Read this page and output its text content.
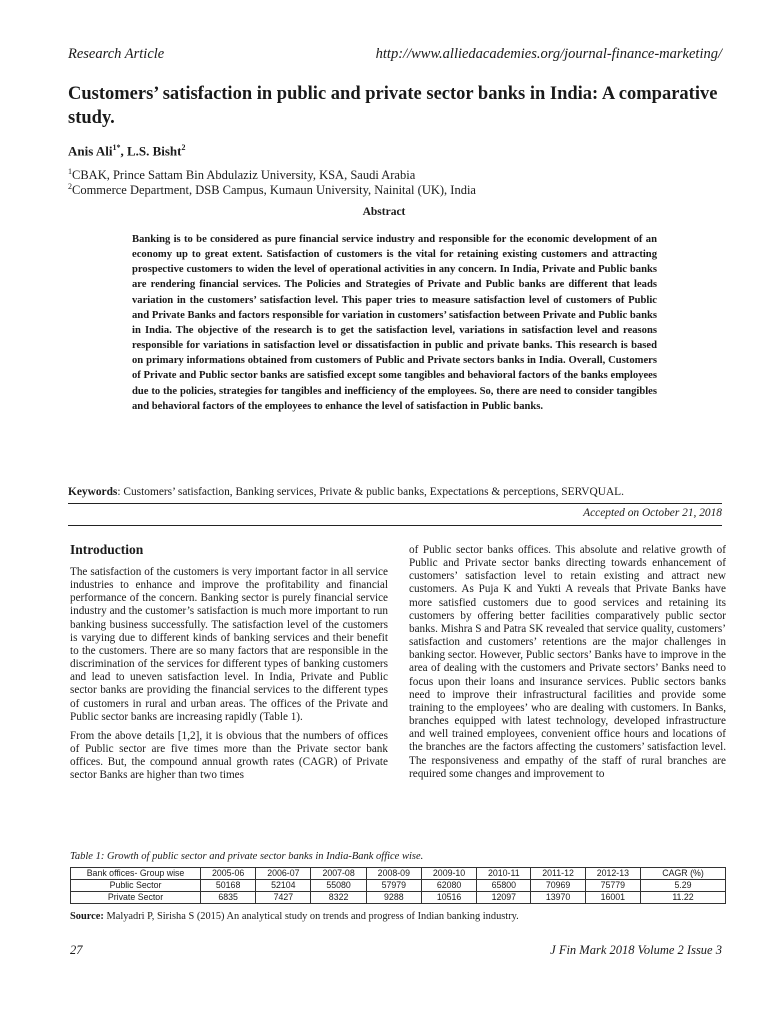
Research Article	http://www.alliedacademies.org/journal-finance-marketing/
Customers’ satisfaction in public and private sector banks in India: A comparative study.
Anis Ali$^{1*}$, L.S. Bisht$^2$
$^1$CBAK, Prince Sattam Bin Abdulaziz University, KSA, Saudi Arabia
$^2$Commerce Department, DSB Campus, Kumaun University, Nainital (UK), India
Abstract

Banking is to be considered as pure financial service industry and responsible for the economic development of an economy up to great extent. Satisfaction of customers is the vital for retaining existing customers and attracting prospective customers to widen the level of operational activities in any concern. In India, Private and Public banks are rendering financial services. The Policies and Strategies of Private and Public banks are different that leads variation in the customers’ satisfaction level. This paper tries to measure satisfaction level of customers of Public and Private Banks and factors responsible for variation in customers’ satisfaction between Private and Public banks in India. The objective of the research is to get the satisfaction level, variations in satisfaction level and reasons responsible for variations in satisfaction level or dissatisfaction in public and private banks. This research is based on primary informations obtained from customers of Public and Private sectors banks in India. Overall, Customers of Private and Public sector banks are satisfied except some tangibles and behavioral factors of the banks employees due to the policies, strategies for tangibles and inefficiency of the employees. So, there are need to consider tangibles and behavioral factors of the employees to enhance the level of satisfaction in Public banks.

Keywords: Customers’ satisfaction, Banking services, Private & public banks, Expectations & perceptions, SERVQUAL.
Accepted on October 21, 2018
Introduction

The satisfaction of the customers is very important factor in all service industries to enhance and improve the profitability and financial performance of the concern. Banking sector is purely financial service industry and the customer’s satisfaction is much more important to run banking business successfully. The satisfaction level of the customers is varying due to different kinds of banking services and their benefit to the customers. There are so many factors that are responsible in the discrimination of the services for different types of banking customers and lead to uneven satisfaction level. In India, Private and Public sector banks are providing the financial services to the different types of customers in rural and urban areas. The offices of the Private and Public sector banks are increasing rapidly (Table 1).

From the above details [1,2], it is obvious that the numbers of offices of Public sector are five times more than the Private sector bank offices. But, the compound annual growth rates (CAGR) of Private sector Banks are higher than two times

of Public sector banks offices. This absolute and relative growth of Public and Private sector banks directing towards enhancement of customers’ satisfaction level to retain existing and attract new customers. As Puja K and Yukti A reveals that Private Banks have more satisfied customers due to good services and retaining its customers by offering better facilities comparatively public sector banks. Mishra S and Patra SK revealed that service quality, customers’ satisfaction and customers’ retentions are the major challenges in banking sector. However, Public sectors’ Banks have to improve in the area of dealing with the customers and Private sectors’ Banks need to focus upon their loans and insurance services. Public sectors banks need to improve their infrastructural facilities and provide some training to the employees’ who are dealing with customers. In Banks, branches equipped with latest technology, developed infrastructure and well trained employees, convenient office hours and locations of the branches are the factors affecting the customers’ satisfaction level. The responsiveness and empathy of the staff of rural branches are required some changes and improvement to

Table 1: Growth of public sector and private sector banks in India-Bank office wise.
Bank offices- Group wise	2005-06	2006-07	2007-08	2008-09	2009-10	2010-11	2011-12	2012-13	CAGR (%)
Public Sector	50168	52104	55080	57979	62080	65800	70969	75779	5.29
Private Sector	6835	7427	8322	9288	10516	12097	13970	16001	11.22
Source: Malyadri P, Sirisha S (2015) An analytical study on trends and progress of Indian banking industry.
27	J Fin Mark 2018 Volume 2 Issue 3
